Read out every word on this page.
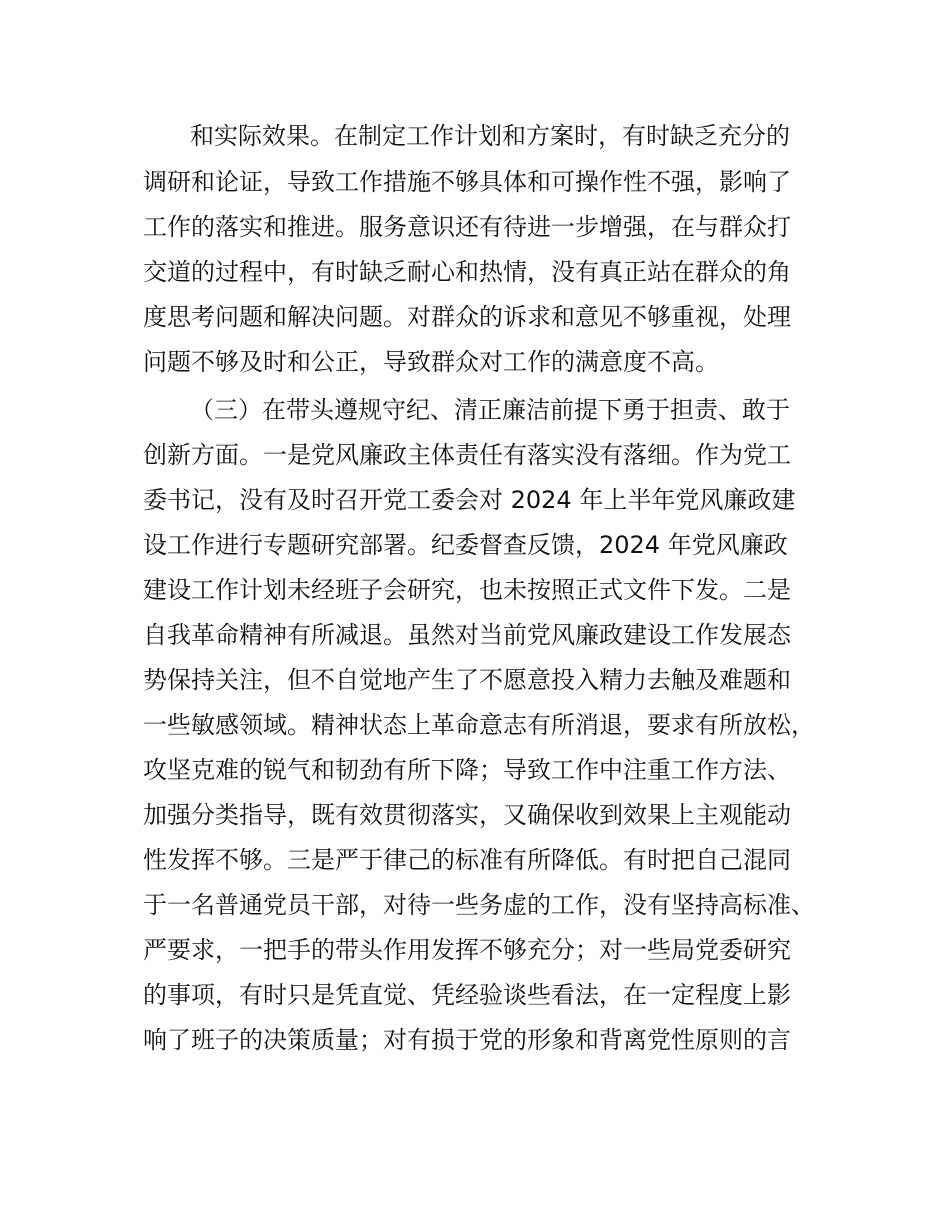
和实际效果。在制定工作计划和方案时，有时缺乏充分的
调研和论证，导致工作措施不够具体和可操作性不强，影响了
工作的落实和推进。服务意识还有待进一步增强，在与群众打
交道的过程中，有时缺乏耐心和热情，没有真正站在群众的角
度思考问题和解决问题。对群众的诉求和意见不够重视，处理
问题不够及时和公正，导致群众对工作的满意度不高。
（三）在带头遵规守纪、清正廉洁前提下勇于担责、敢于
创新方面。一是党风廉政主体责任有落实没有落细。作为党工
委书记，没有及时召开党工委会对 2024 年上半年党风廉政建
设工作进行专题研究部署。纪委督查反馈，2024 年党风廉政
建设工作计划未经班子会研究，也未按照正式文件下发。二是
自我革命精神有所减退。虽然对当前党风廉政建设工作发展态
势保持关注，但不自觉地产生了不愿意投入精力去触及难题和
一些敏感领域。精神状态上革命意志有所消退，要求有所放松，
攻坚克难的锐气和韧劲有所下降；导致工作中注重工作方法、
加强分类指导，既有效贯彻落实，又确保收到效果上主观能动
性发挥不够。三是严于律己的标准有所降低。有时把自己混同
于一名普通党员干部，对待一些务虚的工作，没有坚持高标准、
严要求，一把手的带头作用发挥不够充分；对一些局党委研究
的事项，有时只是凭直觉、凭经验谈些看法，在一定程度上影
响了班子的决策质量；对有损于党的形象和背离党性原则的言
